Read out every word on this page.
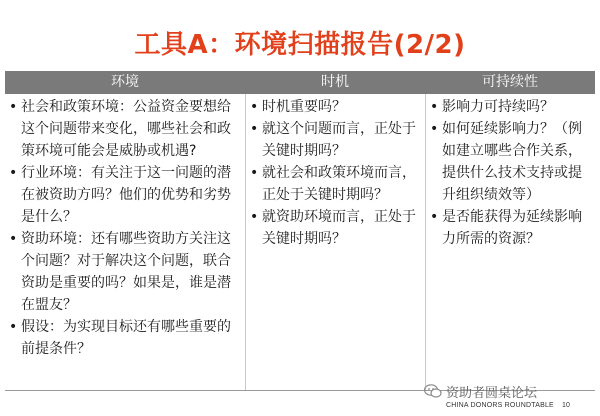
工具A：环境扫描报告(2/2)
环境	时机	可持续性
• 社会和政策环境：公益资金要想给这个问题带来变化，哪些社会和政策环境可能会是威胁或机遇?
• 行业环境：有关注于这一问题的潜在被资助方吗？他们的优势和劣势是什么？
• 资助环境：还有哪些资助方关注这个问题？对于解决这个问题，联合资助是重要的吗？如果是，谁是潜在盟友？
• 假设：为实现目标还有哪些重要的前提条件？
• 时机重要吗？
• 就这个问题而言，正处于关键时期吗？
• 就社会和政策环境而言，正处于关键时期吗？
• 就资助环境而言，正处于关键时期吗？
• 影响力可持续吗？
• 如何延续影响力？（例如建立哪些合作关系，提供什么技术支持或提升组织绩效等）
• 是否能获得为延续影响力所需的资源？
资助者圆桌论坛
CHINA DONORS ROUNDTABLE 10
